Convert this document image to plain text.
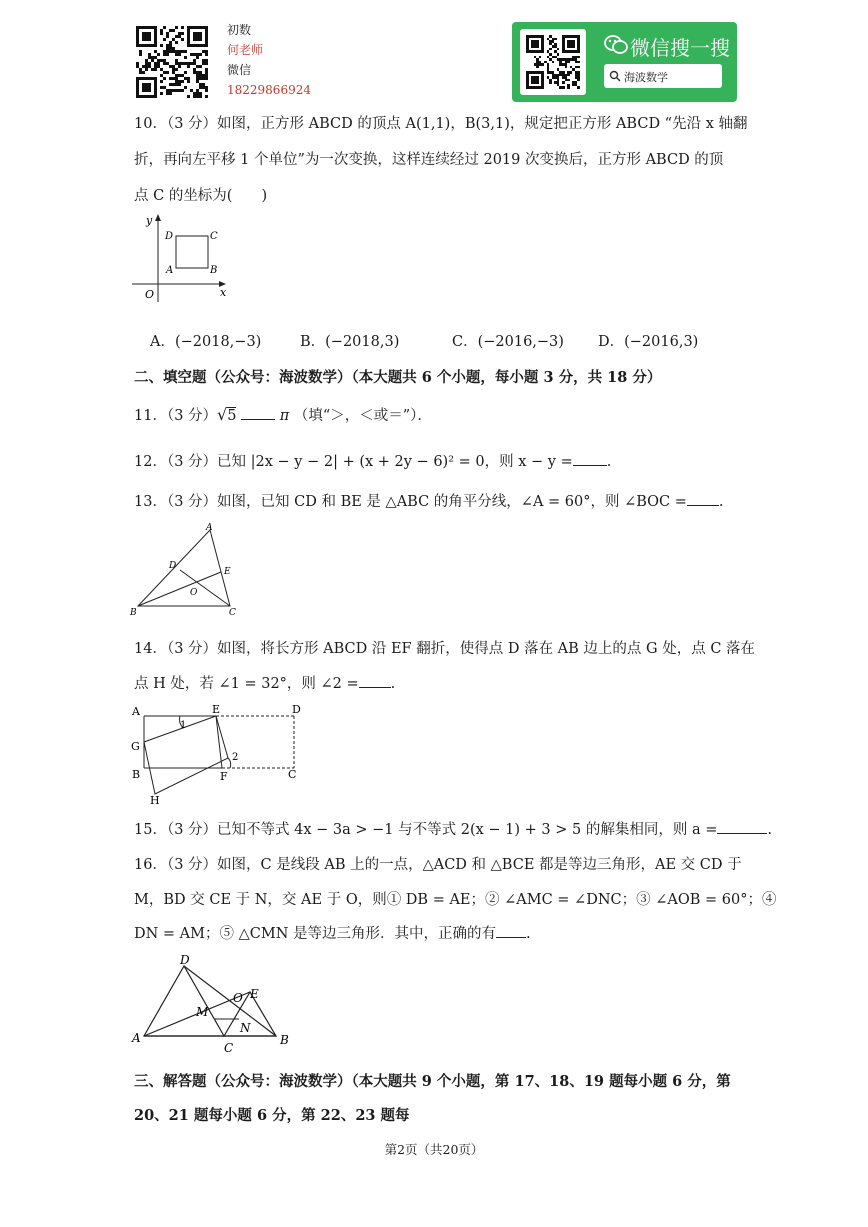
初数
何老师
微信
18229866924
微信搜一搜
海波数学
10．（3 分）如图，正方形 ABCD 的顶点 A(1,1)，B(3,1)，规定把正方形 ABCD “先沿 x 轴翻
折，再向左平移 1 个单位”为一次变换，这样连续经过 2019 次变换后，正方形 ABCD 的顶
点 C 的坐标为(　　)
y
x
O
A	B
C
D
A．(−2018,−3)	B．(−2018,3)	C．(−2016,−3) D．(−2016,3)
二、填空题（公众号：海波数学）（本大题共 6 个小题，每小题 3 分，共 18 分）
11．（3 分）√5	π （填“＞，＜或＝”）．
12．（3 分）已知 |2x − y − 2| + (x + 2y − 6)² = 0，则 x − y = .
13．（3 分）如图，已知 CD 和 BE 是 △ABC 的角平分线，∠A = 60°，则 ∠BOC = .
A
B	C
D
E
O
14．（3 分）如图，将长方形 ABCD 沿 EF 翻折，使得点 D 落在 AB 边上的点 G 处，点 C 落在
点 H 处，若 ∠1 = 32°，则 ∠2 = .
A	E	D
G
B	F	C
H
1
2
15．（3 分）已知不等式 4x − 3a > −1 与不等式 2(x − 1) + 3 > 5 的解集相同，则 a =	.
16．（3 分）如图，C 是线段 AB 上的一点，△ACD 和 △BCE 都是等边三角形，AE 交 CD 于
M，BD 交 CE 于 N，交 AE 于 O，则① DB = AE；② ∠AMC = ∠DNC；③ ∠AOB = 60°；④
DN = AM；⑤ △CMN 是等边三角形．其中，正确的有 .
A	B
C
D
E
M
N
O
三、解答题（公众号：海波数学）（本大题共 9 个小题，第 17、18、19 题每小题 6 分，第
20、21 题每小题 6 分，第 22、23 题每
第2页（共20页）
